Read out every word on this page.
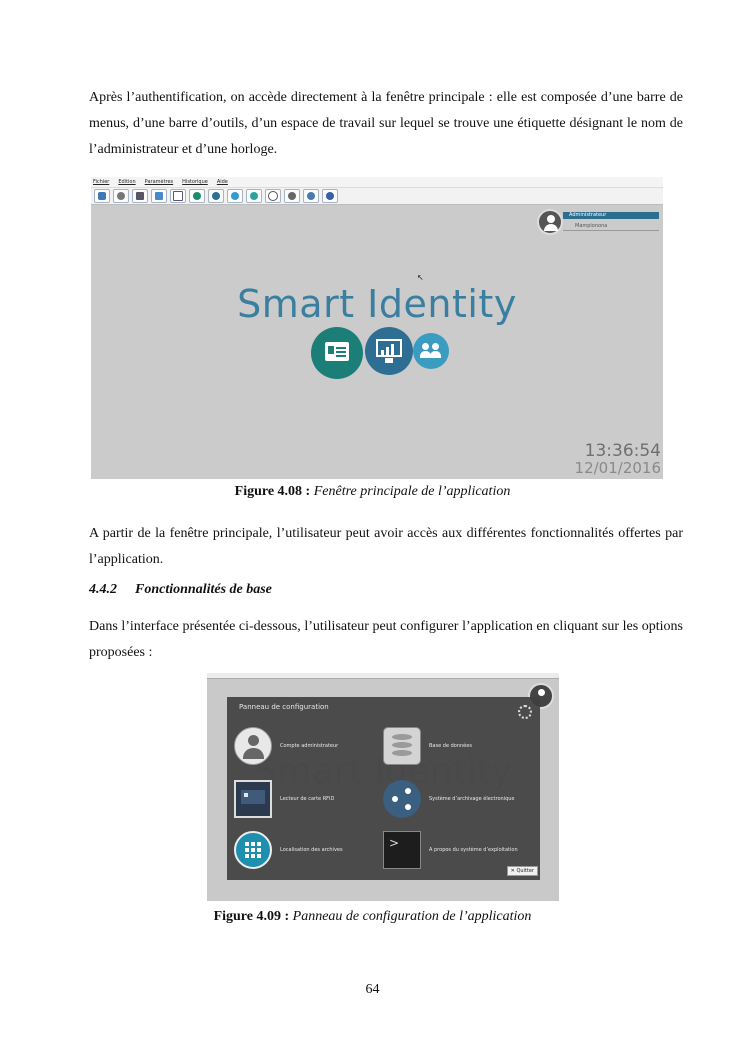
Après l’authentification, on accède directement à la fenêtre principale : elle est composée d’une barre de menus, d’une barre d’outils, d’un espace de travail sur lequel se trouve une étiquette désignant le nom de l’administrateur et d’une horloge.

Fichier Edition Paramètres Historique Aide
Administrateur
Mampionona
↖
Smart Identity
13:36:54
12/01/2016
Figure 4.08 : Fenêtre principale de l’application

A partir de la fenêtre principale, l’utilisateur peut avoir accès aux différentes fonctionnalités offertes par l’application.

4.4.2 Fonctionnalités de base

Dans l’interface présentée ci-dessous, l’utilisateur peut configurer l’application en cliquant sur les options proposées :

Panneau de configuration
Compte administrateur	Base de données
Lecteur de carte RFID	Système d’archivage électronique
Localisation des archives	>	A propos du système d’exploitation
✕ Quitter
Figure 4.09 : Panneau de configuration de l’application
64
